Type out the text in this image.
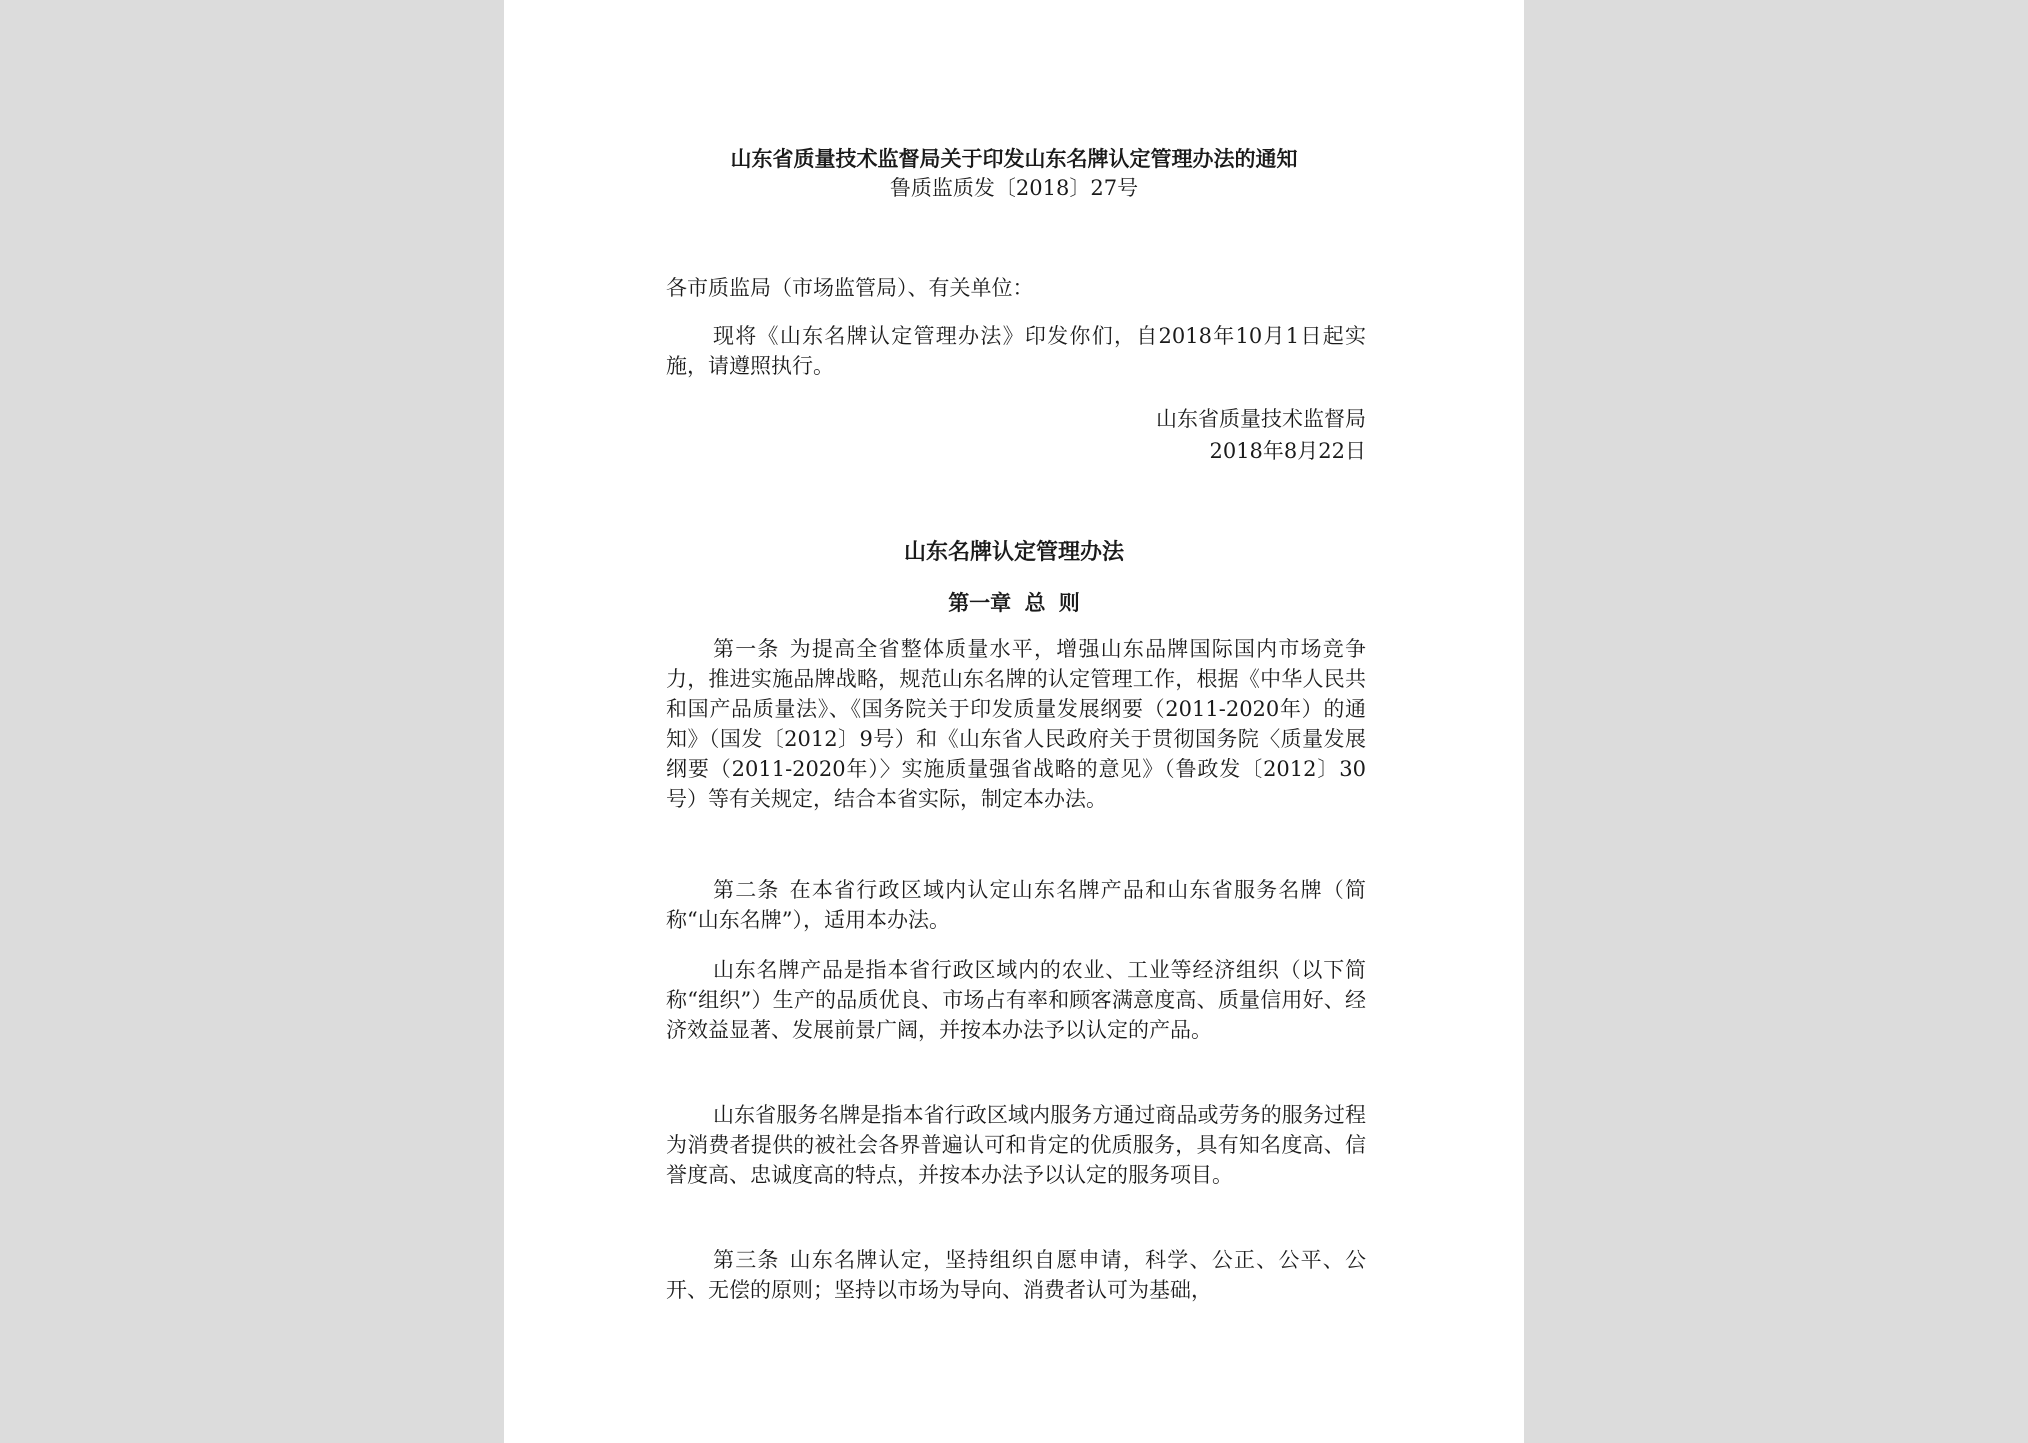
山东省质量技术监督局关于印发山东名牌认定管理办法的通知

鲁质监质发〔2018〕27号

各市质监局（市场监管局）、有关单位：

现将《山东名牌认定管理办法》印发你们，自2018年10月1日起实施，请遵照执行。

山东省质量技术监督局

2018年8月22日

山东名牌认定管理办法

第一章 总 则

第一条 为提高全省整体质量水平，增强山东品牌国际国内市场竞争力，推进实施品牌战略，规范山东名牌的认定管理工作，根据《中华人民共和国产品质量法》、《国务院关于印发质量发展纲要（2011-2020年）的通知》（国发〔2012〕9号）和《山东省人民政府关于贯彻国务院〈质量发展纲要（2011-2020年）〉实施质量强省战略的意见》（鲁政发〔2012〕30号）等有关规定，结合本省实际，制定本办法。

第二条 在本省行政区域内认定山东名牌产品和山东省服务名牌（简称“山东名牌”），适用本办法。

山东名牌产品是指本省行政区域内的农业、工业等经济组织（以下简称“组织”）生产的品质优良、市场占有率和顾客满意度高、质量信用好、经济效益显著、发展前景广阔，并按本办法予以认定的产品。

山东省服务名牌是指本省行政区域内服务方通过商品或劳务的服务过程为消费者提供的被社会各界普遍认可和肯定的优质服务，具有知名度高、信誉度高、忠诚度高的特点，并按本办法予以认定的服务项目。

第三条 山东名牌认定，坚持组织自愿申请，科学、公正、公平、公开、无偿的原则；坚持以市场为导向、消费者认可为基础，
